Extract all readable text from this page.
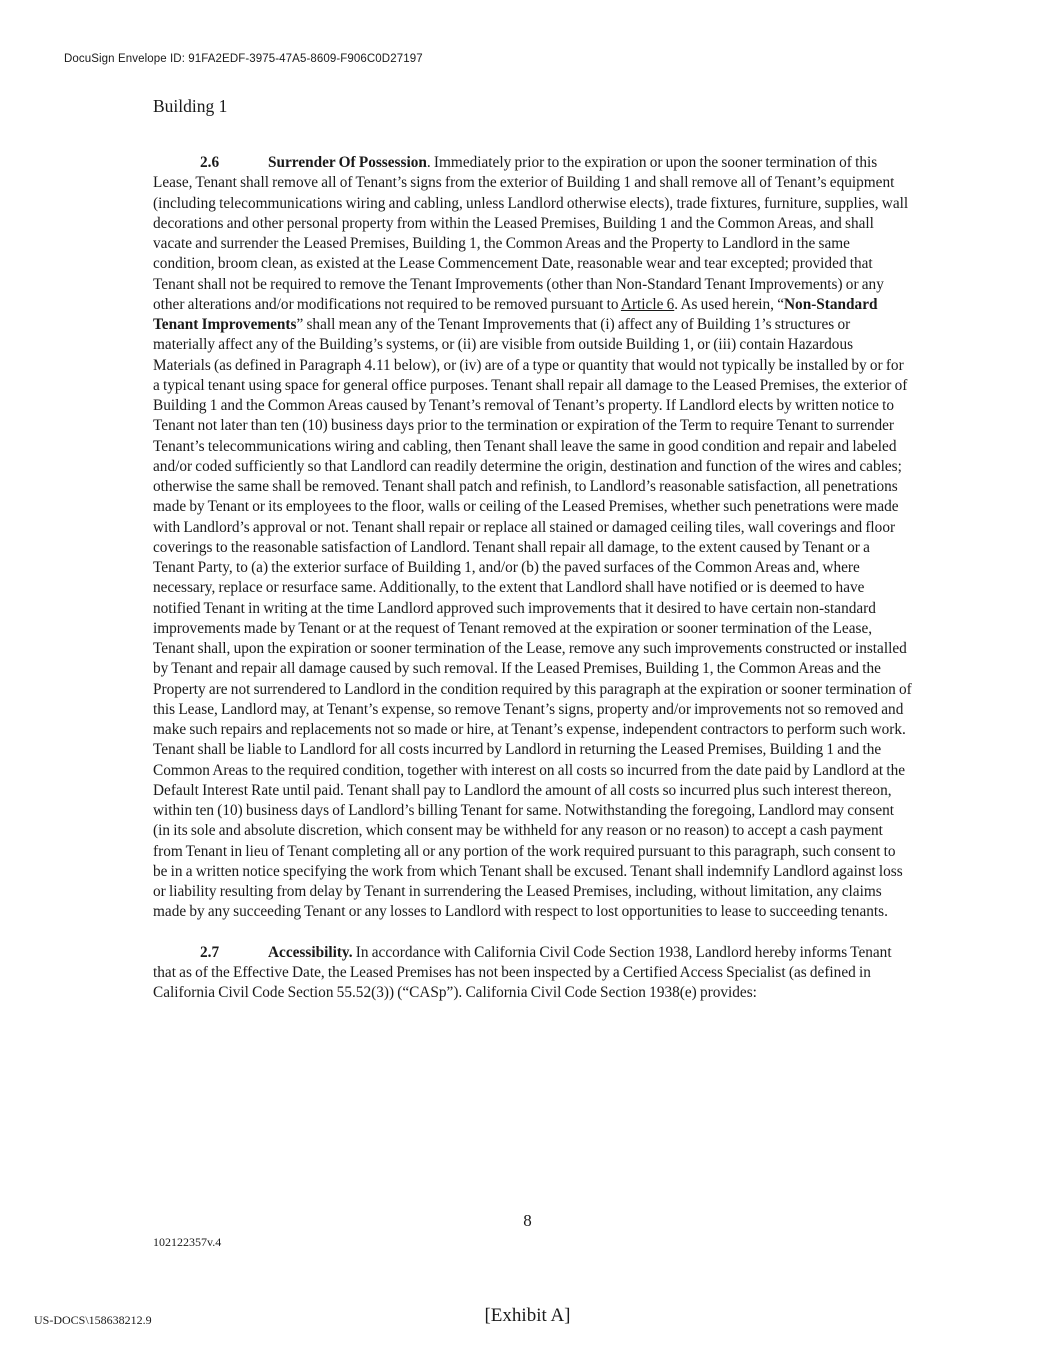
DocuSign Envelope ID: 91FA2EDF-3975-47A5-8609-F906C0D27197
Building 1

2.6	Surrender Of Possession. Immediately prior to the expiration or upon the sooner termination of this Lease, Tenant shall remove all of Tenant’s signs from the exterior of Building 1 and shall remove all of Tenant’s equipment (including telecommunications wiring and cabling, unless Landlord otherwise elects), trade fixtures, furniture, supplies, wall decorations and other personal property from within the Leased Premises, Building 1 and the Common Areas, and shall vacate and surrender the Leased Premises, Building 1, the Common Areas and the Property to Landlord in the same condition, broom clean, as existed at the Lease Commencement Date, reasonable wear and tear excepted; provided that Tenant shall not be required to remove the Tenant Improvements (other than Non-Standard Tenant Improvements) or any other alterations and/or modifications not required to be removed pursuant to Article 6. As used herein, “Non-Standard Tenant Improvements” shall mean any of the Tenant Improvements that (i) affect any of Building 1’s structures or materially affect any of the Building’s systems, or (ii) are visible from outside Building 1, or (iii) contain Hazardous Materials (as defined in Paragraph 4.11 below), or (iv) are of a type or quantity that would not typically be installed by or for a typical tenant using space for general office purposes. Tenant shall repair all damage to the Leased Premises, the exterior of Building 1 and the Common Areas caused by Tenant’s removal of Tenant’s property. If Landlord elects by written notice to Tenant not later than ten (10) business days prior to the termination or expiration of the Term to require Tenant to surrender Tenant’s telecommunications wiring and cabling, then Tenant shall leave the same in good condition and repair and labeled and/or coded sufficiently so that Landlord can readily determine the origin, destination and function of the wires and cables; otherwise the same shall be removed. Tenant shall patch and refinish, to Landlord’s reasonable satisfaction, all penetrations made by Tenant or its employees to the floor, walls or ceiling of the Leased Premises, whether such penetrations were made with Landlord’s approval or not. Tenant shall repair or replace all stained or damaged ceiling tiles, wall coverings and floor coverings to the reasonable satisfaction of Landlord. Tenant shall repair all damage, to the extent caused by Tenant or a Tenant Party, to (a) the exterior surface of Building 1, and/or (b) the paved surfaces of the Common Areas and, where necessary, replace or resurface same. Additionally, to the extent that Landlord shall have notified or is deemed to have notified Tenant in writing at the time Landlord approved such improvements that it desired to have certain non-standard improvements made by Tenant or at the request of Tenant removed at the expiration or sooner termination of the Lease, Tenant shall, upon the expiration or sooner termination of the Lease, remove any such improvements constructed or installed by Tenant and repair all damage caused by such removal. If the Leased Premises, Building 1, the Common Areas and the Property are not surrendered to Landlord in the condition required by this paragraph at the expiration or sooner termination of this Lease, Landlord may, at Tenant’s expense, so remove Tenant’s signs, property and/or improvements not so removed and make such repairs and replacements not so made or hire, at Tenant’s expense, independent contractors to perform such work. Tenant shall be liable to Landlord for all costs incurred by Landlord in returning the Leased Premises, Building 1 and the Common Areas to the required condition, together with interest on all costs so incurred from the date paid by Landlord at the Default Interest Rate until paid. Tenant shall pay to Landlord the amount of all costs so incurred plus such interest thereon, within ten (10) business days of Landlord’s billing Tenant for same. Notwithstanding the foregoing, Landlord may consent (in its sole and absolute discretion, which consent may be withheld for any reason or no reason) to accept a cash payment from Tenant in lieu of Tenant completing all or any portion of the work required pursuant to this paragraph, such consent to be in a written notice specifying the work from which Tenant shall be excused. Tenant shall indemnify Landlord against loss or liability resulting from delay by Tenant in surrendering the Leased Premises, including, without limitation, any claims made by any succeeding Tenant or any losses to Landlord with respect to lost opportunities to lease to succeeding tenants.

2.7	Accessibility. In accordance with California Civil Code Section 1938, Landlord hereby informs Tenant that as of the Effective Date, the Leased Premises has not been inspected by a Certified Access Specialist (as defined in California Civil Code Section 55.52(3)) (“CASp”). California Civil Code Section 1938(e) provides:

8
102122357v.4
US-DOCS\158638212.9	[Exhibit A]
